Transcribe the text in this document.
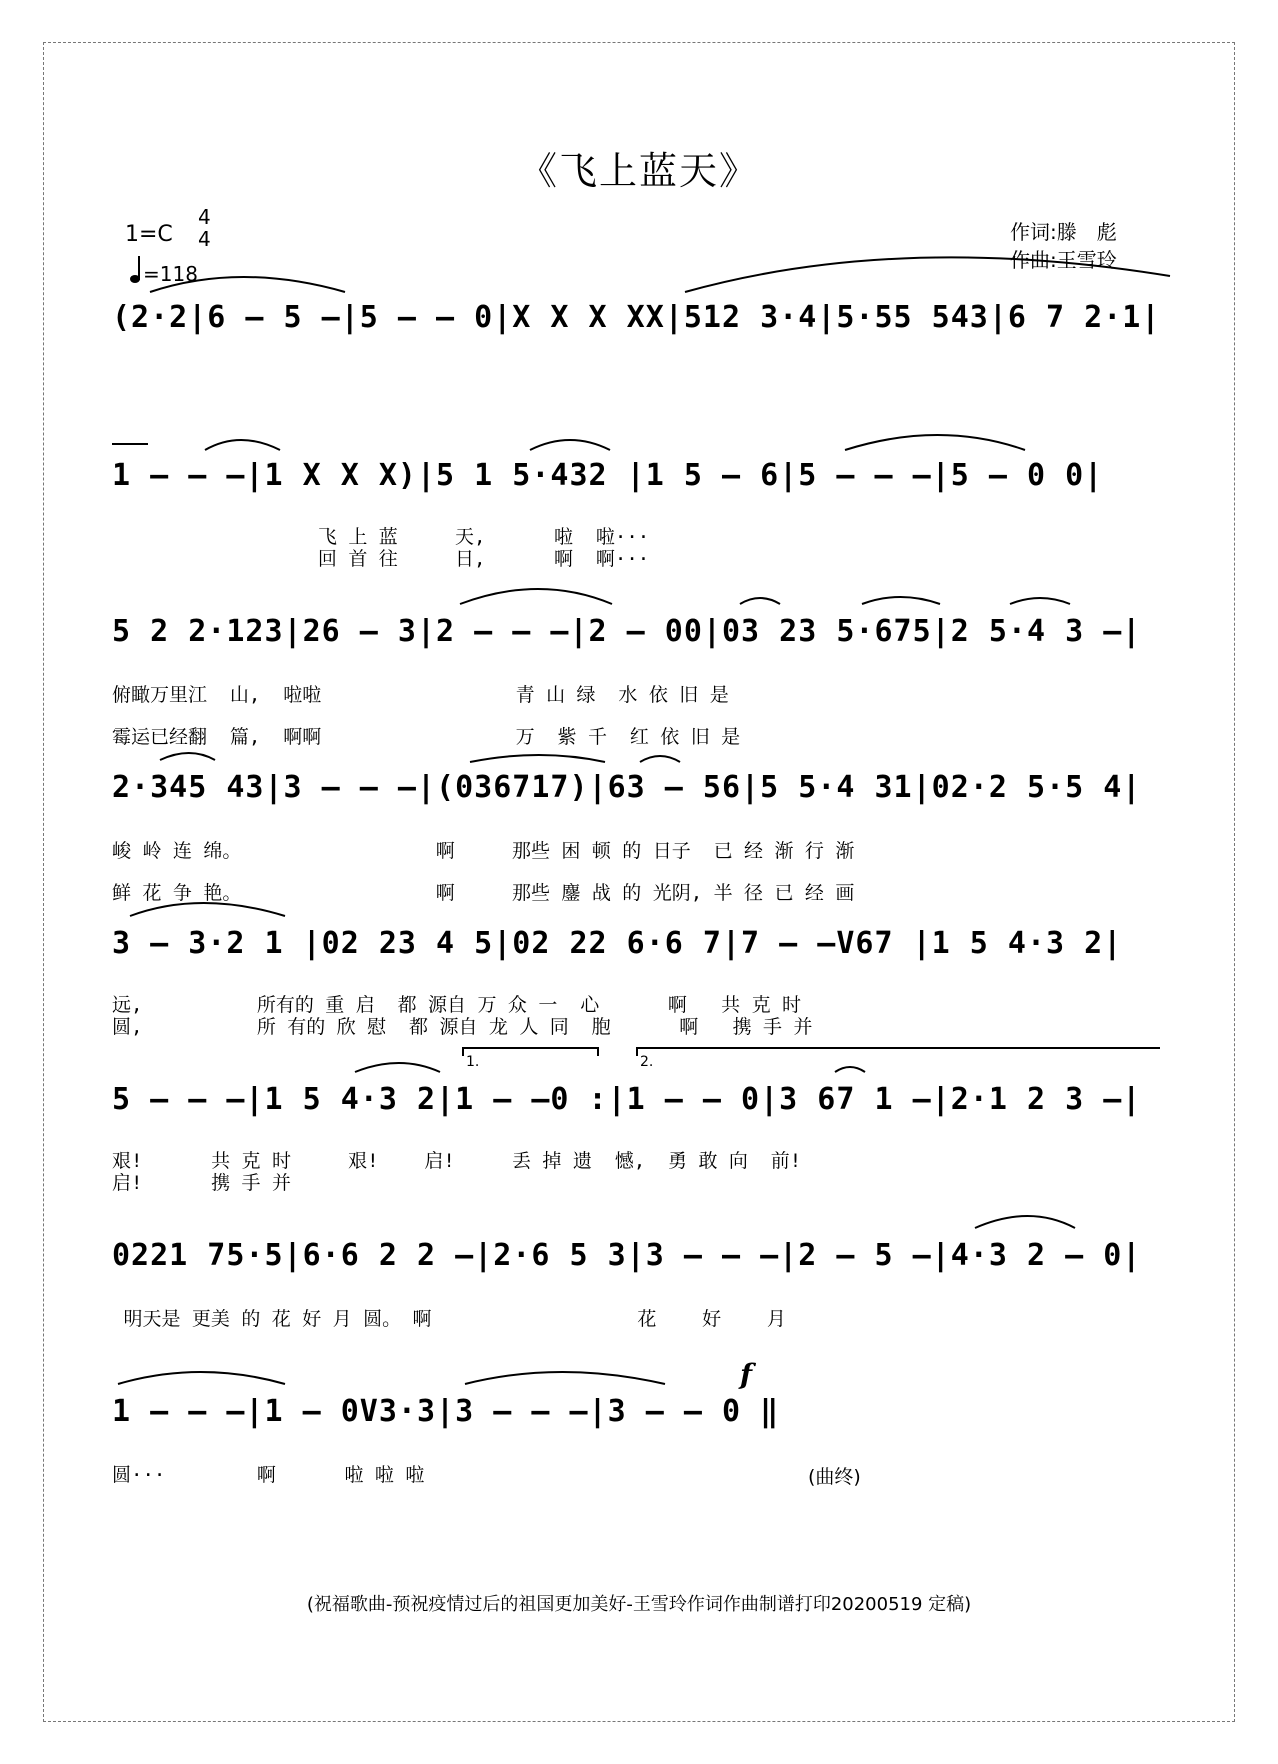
《飞上蓝天》
1=C
4
4
=118
作词:滕　彪
作曲:王雪玲
(2·2|6 – 5 –|5 – – 0|X X X XX|512 3·4|5·55 543|6 7 2·1|
1 – – –|1 X X X)|5 1 5·432 |1 5 – 6|5 – – –|5 – 0 0|
飞 上 蓝     天,      啦  啦···
回 首 往     日,      啊  啊···
5 2 2·123|26 – 3|2 – – –|2 – 00|03 23 5·675|2 5·4 3 –|
俯瞰万里江  山,  啦啦                 青 山 绿  水 依 旧 是
霉运已经翻  篇,  啊啊                 万  紫 千  红 依 旧 是
2·345 43|3 – – –|(036717)|63 – 56|5 5·4 31|02·2 5·5 4|
峻 岭 连 绵。                 啊     那些 困 顿 的 日子  已 经 渐 行 渐
鲜 花 争 艳。                 啊     那些 鏖 战 的 光阴, 半 径 已 经 画
3 – 3·2 1 |02 23 4 5|02 22 6·6 7|7 – –V67 |1 5 4·3 2|
远,          所有的 重 启  都 源自 万 众 一  心      啊   共 克 时
圆,          所 有的 欣 慰  都 源自 龙 人 同  胞      啊   携 手 并
5 – – –|1 5 4·3 2|1 – –0 :|1 – – 0|3 67 1 –|2·1 2 3 –|
艰!      共 克 时     艰!    启!     丢 掉 遗  憾,  勇 敢 向  前!
启!      携 手 并
0221 75·5|6·6 2 2 –|2·6 5 3|3 – – –|2 – 5 –|4·3 2 – 0|
明天是 更美 的 花 好 月 圆。 啊                  花    好    月
1 – – –|1 – 0V3·3|3 – – –|3 – – 0 ‖
圆···        啊      啦 啦 啦
1.	2.
f
(曲终)
(祝福歌曲-预祝疫情过后的祖国更加美好-王雪玲作词作曲制谱打印20200519 定稿)
